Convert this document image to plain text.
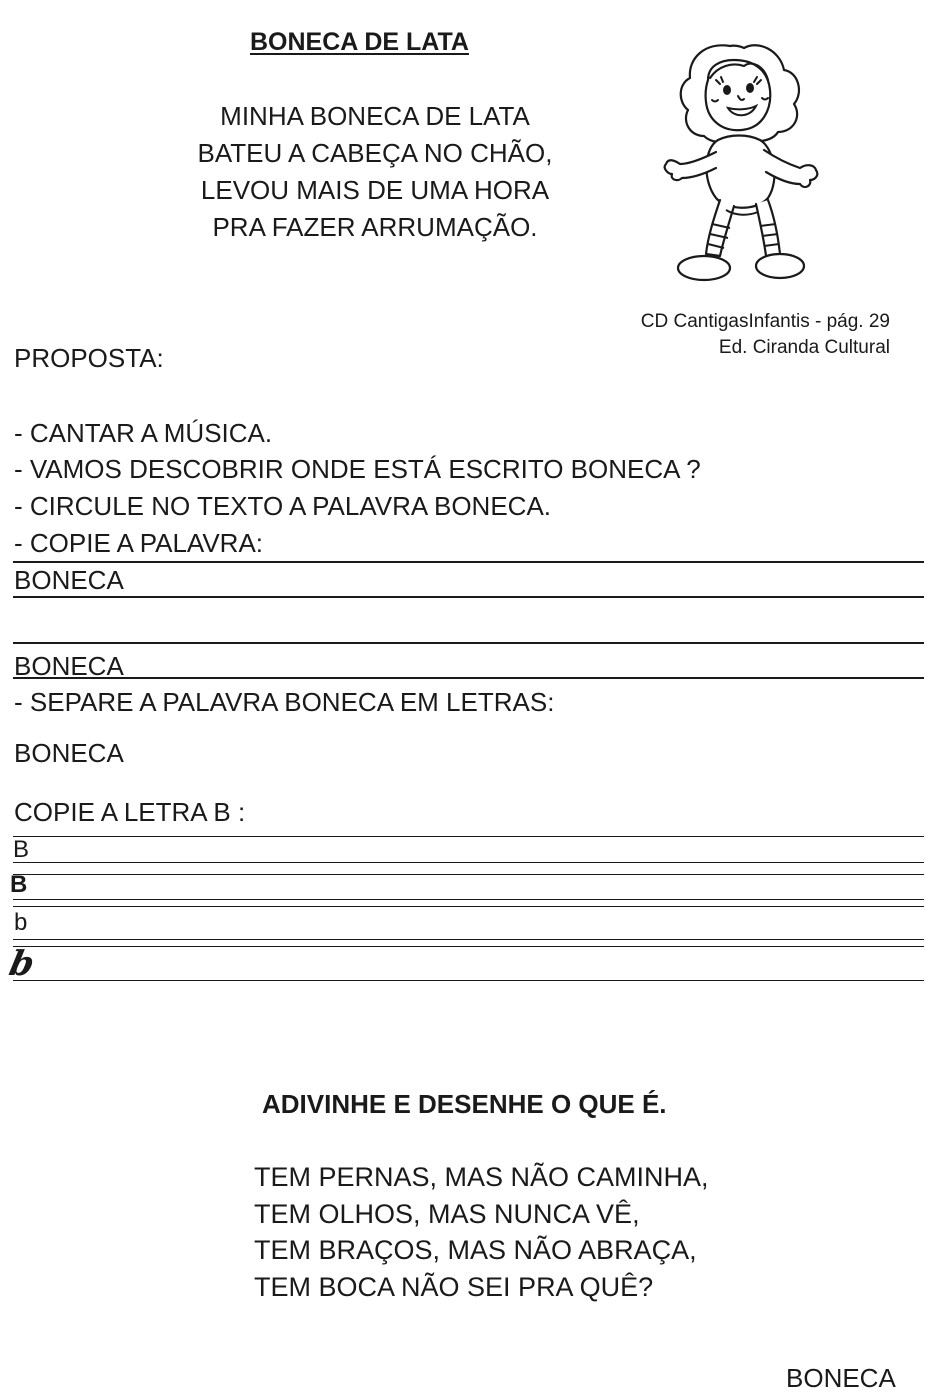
BONECA DE LATA
MINHA BONECA DE LATA
BATEU A CABEÇA NO CHÃO,
LEVOU MAIS DE UMA HORA
PRA FAZER ARRUMAÇÃO.
CD CantigasInfantis - pág. 29
Ed. Ciranda Cultural
PROPOSTA:
- CANTAR A MÚSICA.
- VAMOS DESCOBRIR ONDE ESTÁ ESCRITO BONECA ?
- CIRCULE NO TEXTO A PALAVRA BONECA.
- COPIE A PALAVRA:
BONECA
BONECA
- SEPARE A PALAVRA BONECA EM LETRAS:
BONECA
COPIE A LETRA B :
B
B
b
b
ADIVINHE E DESENHE O QUE É.
TEM PERNAS, MAS NÃO CAMINHA,
TEM OLHOS, MAS NUNCA VÊ,
TEM BRAÇOS, MAS NÃO ABRAÇA,
TEM BOCA NÃO SEI PRA QUÊ?
BONECA
